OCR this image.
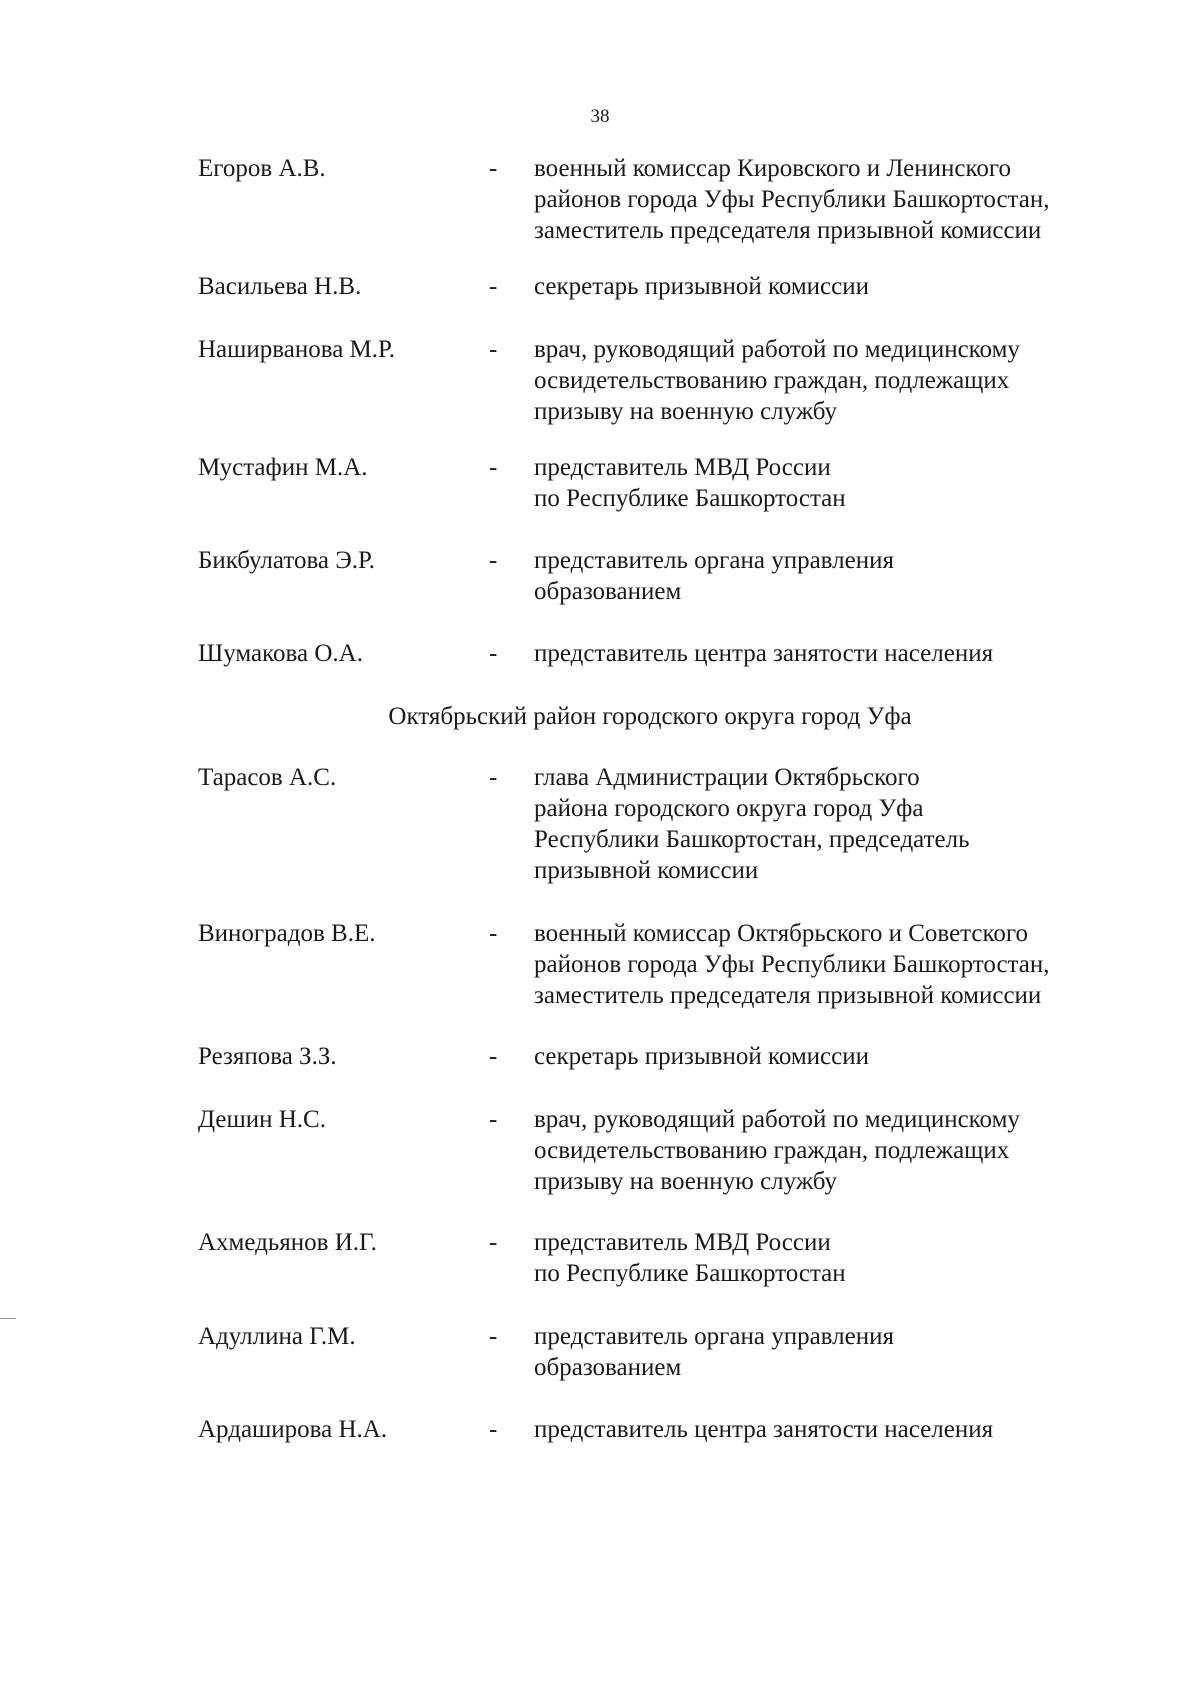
38
Егоров А.В.	- военный комиссар Кировского и Ленинского
районов города Уфы Республики Башкортостан,
заместитель председателя призывной комиссии
Васильева Н.В.	- секретарь призывной комиссии
Наширванова М.Р.	- врач, руководящий работой по медицинскому
освидетельствованию граждан, подлежащих
призыву на военную службу
Мустафин М.А.	- представитель МВД России
по Республике Башкортостан
Бикбулатова Э.Р.	- представитель органа управления
образованием
Шумакова О.А.	- представитель центра занятости населения
Октябрьский район городского округа город Уфа
Тарасов А.С.	- глава Администрации Октябрьского
района городского округа город Уфа
Республики Башкортостан, председатель
призывной комиссии
Виноградов В.Е.	- военный комиссар Октябрьского и Советского
районов города Уфы Республики Башкортостан,
заместитель председателя призывной комиссии
Резяпова З.З.	- секретарь призывной комиссии
Дешин Н.С.	- врач, руководящий работой по медицинскому
освидетельствованию граждан, подлежащих
призыву на военную службу
Ахмедьянов И.Г.	- представитель МВД России
по Республике Башкортостан
Адуллина Г.М.	- представитель органа управления
образованием
Ардаширова Н.А.	- представитель центра занятости населения
